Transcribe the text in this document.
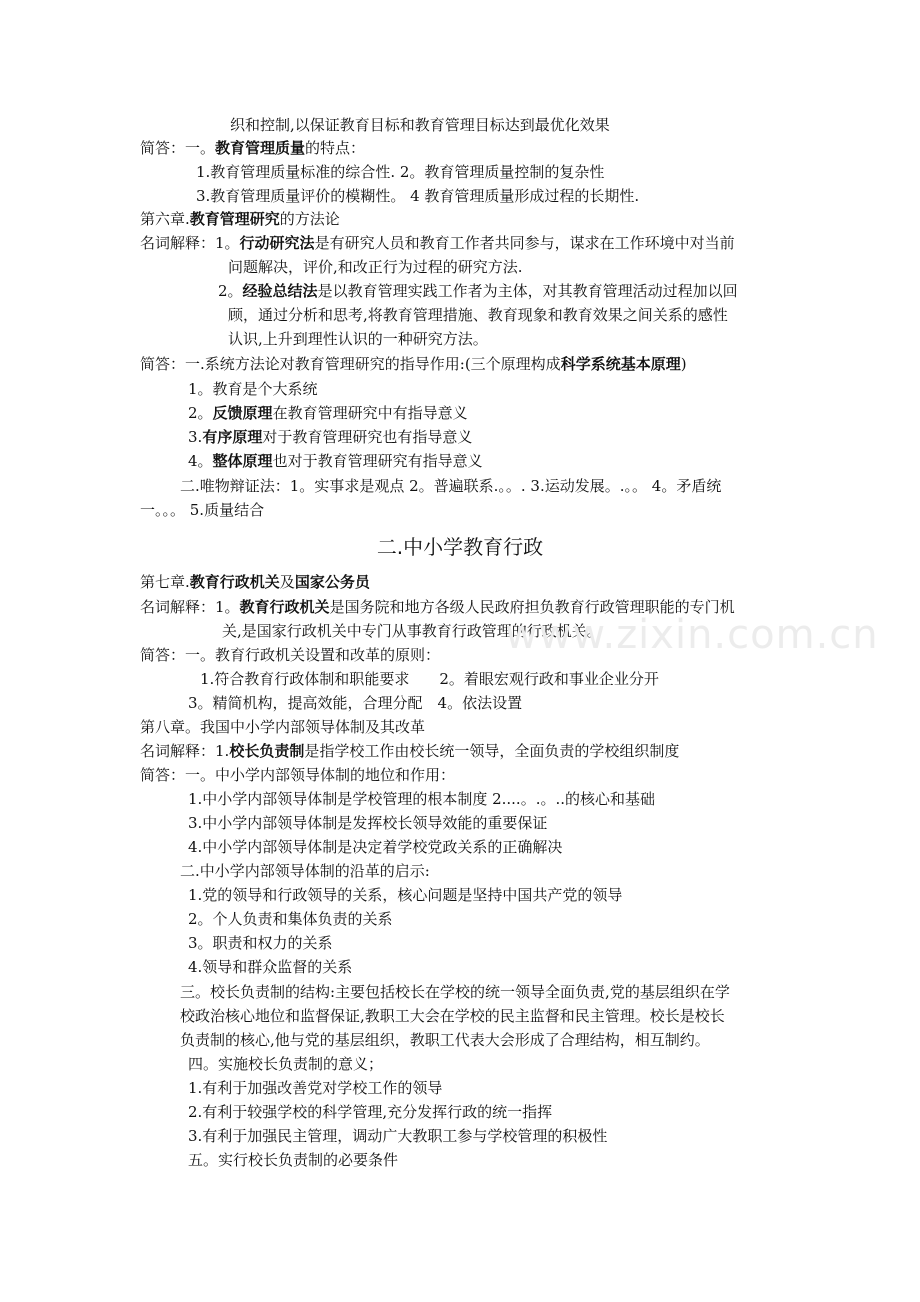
织和控制,以保证教育目标和教育管理目标达到最优化效果
简答：一。教育管理质量的特点：
1.教育管理质量标准的综合性. 2。教育管理质量控制的复杂性
3.教育管理质量评价的模糊性。 4 教育管理质量形成过程的长期性.
第六章.教育管理研究的方法论
名词解释：1。行动研究法是有研究人员和教育工作者共同参与，谋求在工作环境中对当前
问题解决，评价,和改正行为过程的研究方法.
2。经验总结法是以教育管理实践工作者为主体，对其教育管理活动过程加以回
顾，通过分析和思考,将教育管理措施、教育现象和教育效果之间关系的感性
认识,上升到理性认识的一种研究方法。
简答：一.系统方法论对教育管理研究的指导作用:(三个原理构成科学系统基本原理)
1。教育是个大系统
2。反馈原理在教育管理研究中有指导意义
3.有序原理对于教育管理研究也有指导意义
4。整体原理也对于教育管理研究有指导意义
二.唯物辩证法：1。实事求是观点 2。普遍联系.。。. 3.运动发展。.。。 4。矛盾统
一。。。 5.质量结合
第七章.教育行政机关及国家公务员
名词解释：1。教育行政机关是国务院和地方各级人民政府担负教育行政管理职能的专门机
关,是国家行政机关中专门从事教育行政管理的行政机关。
简答：一。教育行政机关设置和改革的原则：
1.符合教育行政体制和职能要求　　2。着眼宏观行政和事业企业分开
3。精简机构，提高效能，合理分配　4。依法设置
第八章。我国中小学内部领导体制及其改革
名词解释：1.校长负责制是指学校工作由校长统一领导，全面负责的学校组织制度
简答：一。中小学内部领导体制的地位和作用：
1.中小学内部领导体制是学校管理的根本制度 2....。.。..的核心和基础
3.中小学内部领导体制是发挥校长领导效能的重要保证
4.中小学内部领导体制是决定着学校党政关系的正确解决
二.中小学内部领导体制的沿革的启示:
1.党的领导和行政领导的关系，核心问题是坚持中国共产党的领导
2。个人负责和集体负责的关系
3。职责和权力的关系
4.领导和群众监督的关系
三。校长负责制的结构:主要包括校长在学校的统一领导全面负责,党的基层组织在学
校政治核心地位和监督保证,教职工大会在学校的民主监督和民主管理。校长是校长
负责制的核心,他与党的基层组织，教职工代表大会形成了合理结构，相互制约。
四。实施校长负责制的意义；
1.有利于加强改善党对学校工作的领导
2.有利于较强学校的科学管理,充分发挥行政的统一指挥
3.有利于加强民主管理，调动广大教职工参与学校管理的积极性
五。实行校长负责制的必要条件
二.中小学教育行政
www.zixin.com.cn
